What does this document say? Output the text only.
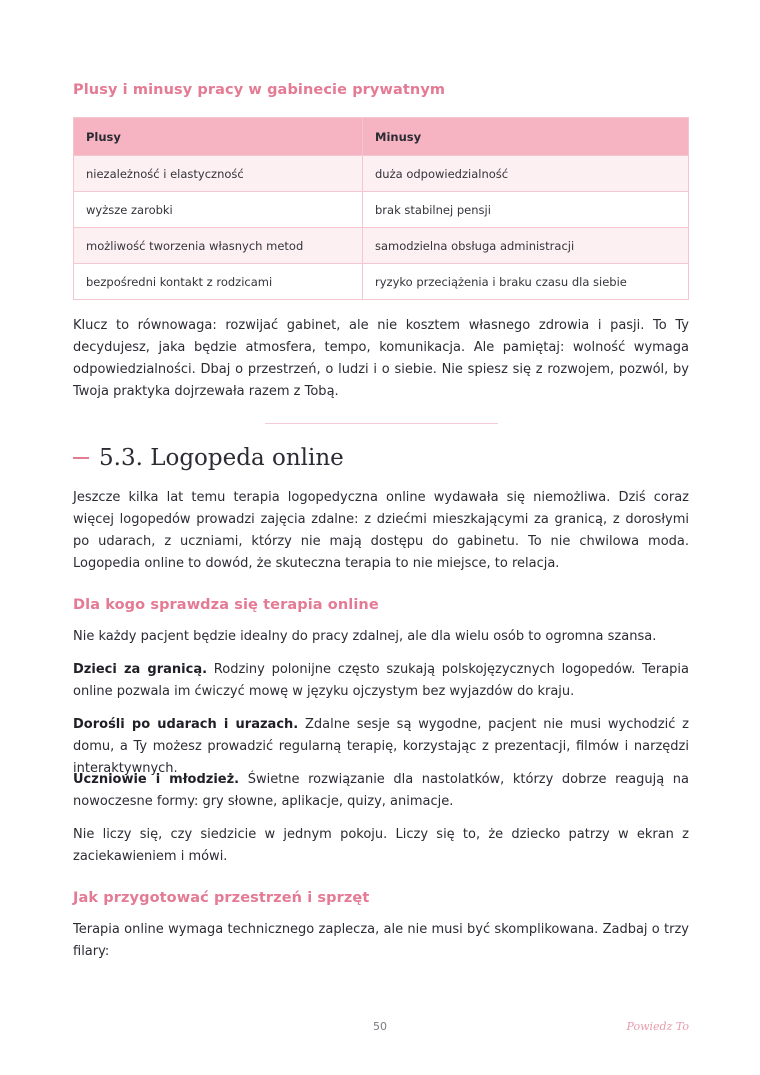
Plusy i minusy pracy w gabinecie prywatnym
Plusy	Minusy
niezależność i elastyczność	duża odpowiedzialność
wyższe zarobki	brak stabilnej pensji
możliwość tworzenia własnych metod	samodzielna obsługa administracji
bezpośredni kontakt z rodzicami	ryzyko przeciążenia i braku czasu dla siebie

Klucz to równowaga: rozwijać gabinet, ale nie kosztem własnego zdrowia i pasji. To Ty decydujesz, jaka będzie atmosfera, tempo, komunikacja. Ale pamiętaj: wolność wymaga odpowiedzialności. Dbaj o przestrzeń, o ludzi i o siebie. Nie spiesz się z rozwojem, pozwól, by Twoja praktyka dojrzewała razem z Tobą.

5.3. Logopeda online

Jeszcze kilka lat temu terapia logopedyczna online wydawała się niemożliwa. Dziś coraz więcej logopedów prowadzi zajęcia zdalne: z dziećmi mieszkającymi za granicą, z dorosłymi po udarach, z uczniami, którzy nie mają dostępu do gabinetu. To nie chwilowa moda. Logopedia online to dowód, że skuteczna terapia to nie miejsce, to relacja.

Dla kogo sprawdza się terapia online

Nie każdy pacjent będzie idealny do pracy zdalnej, ale dla wielu osób to ogromna szansa.

Dzieci za granicą. Rodziny polonijne często szukają polskojęzycznych logopedów. Terapia online pozwala im ćwiczyć mowę w języku ojczystym bez wyjazdów do kraju.

Dorośli po udarach i urazach. Zdalne sesje są wygodne, pacjent nie musi wychodzić z domu, a Ty możesz prowadzić regularną terapię, korzystając z prezentacji, filmów i narzędzi interaktywnych.

Uczniowie i młodzież. Świetne rozwiązanie dla nastolatków, którzy dobrze reagują na nowoczesne formy: gry słowne, aplikacje, quizy, animacje.

Nie liczy się, czy siedzicie w jednym pokoju. Liczy się to, że dziecko patrzy w ekran z zaciekawieniem i mówi.

Jak przygotować przestrzeń i sprzęt

Terapia online wymaga technicznego zaplecza, ale nie musi być skomplikowana. Zadbaj o trzy filary:

50	Powiedz To
